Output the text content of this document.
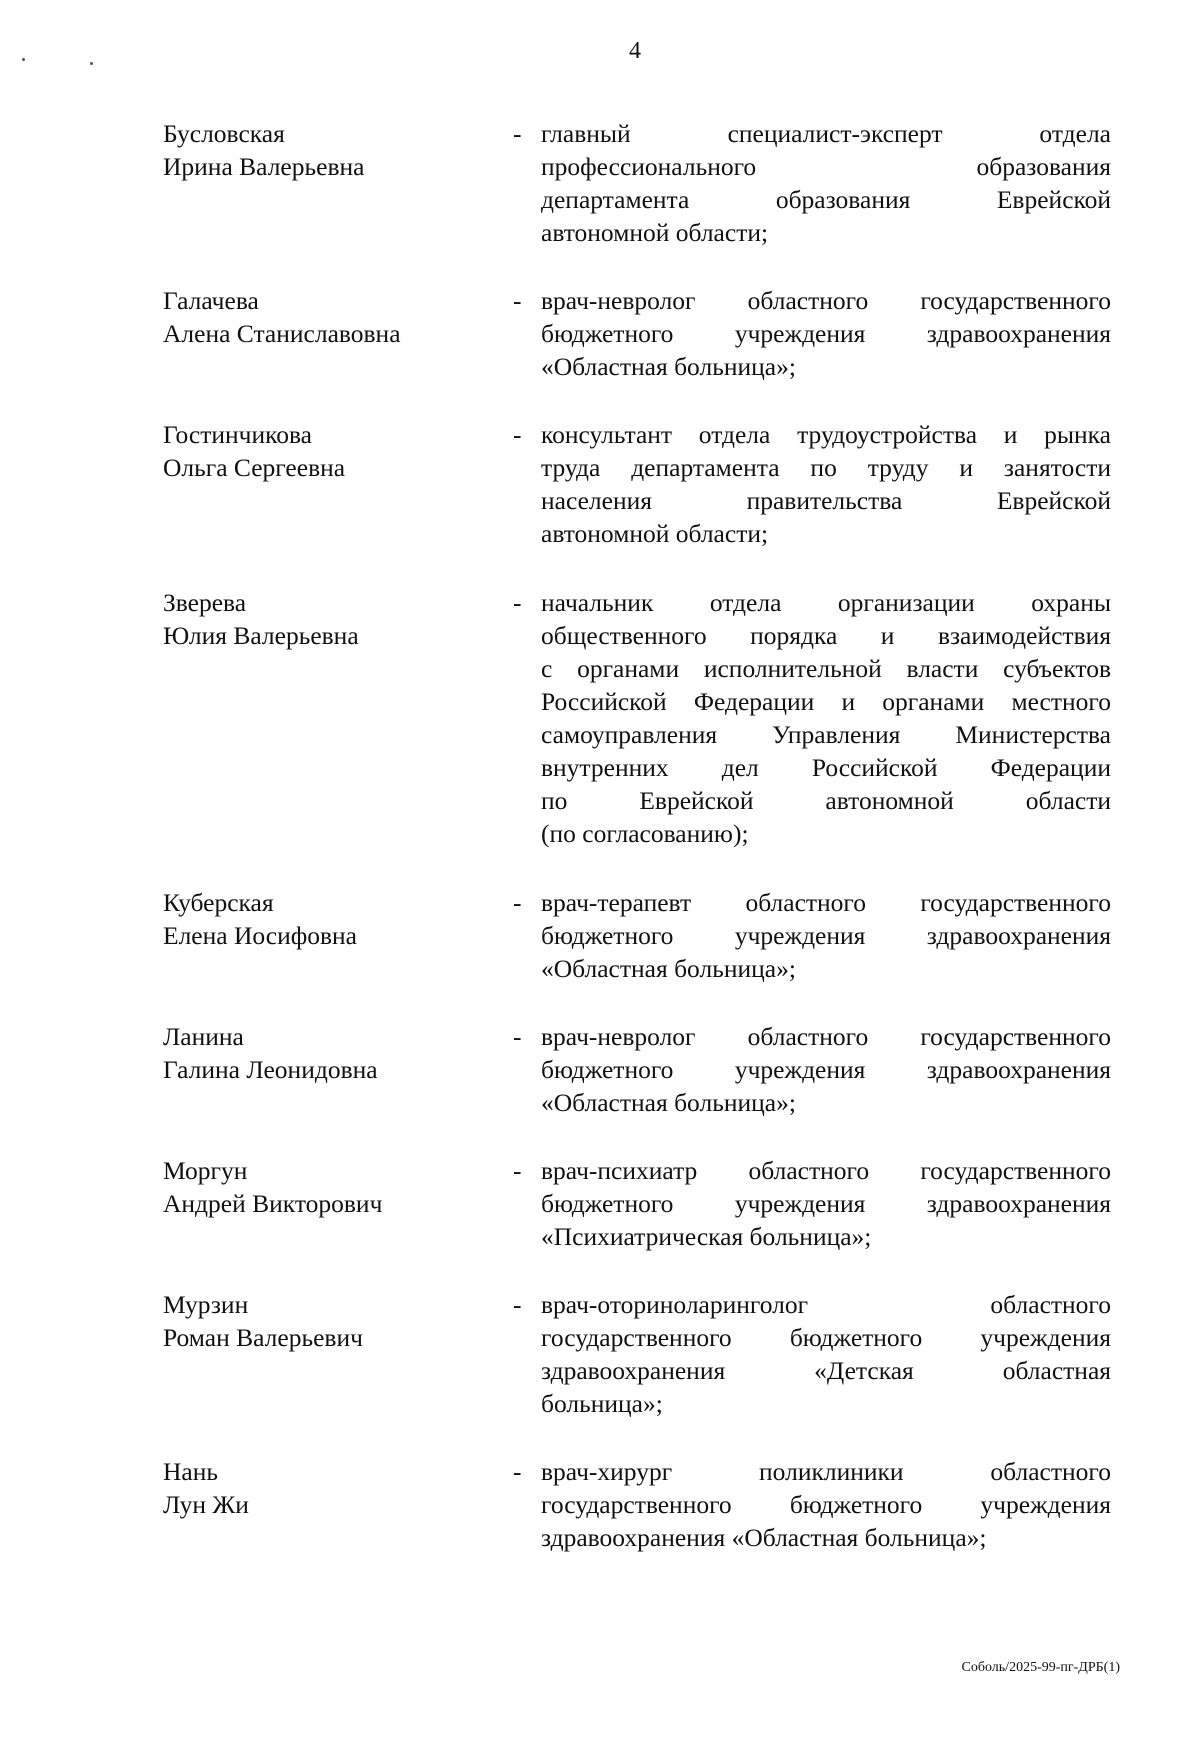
4
Бусловская
Ирина Валерьевна
- главный специалист-эксперт отдела
профессионального образования
департамента образования Еврейской
автономной области;
Галачева
Алена Станиславовна
- врач-невролог областного государственного
бюджетного учреждения здравоохранения
«Областная больница»;
Гостинчикова
Ольга Сергеевна
- консультант отдела трудоустройства и рынка
труда департамента по труду и занятости
населения правительства Еврейской
автономной области;
Зверева
Юлия Валерьевна
- начальник отдела организации охраны
общественного порядка и взаимодействия
с органами исполнительной власти субъектов
Российской Федерации и органами местного
самоуправления Управления Министерства
внутренних дел Российской Федерации
по Еврейской автономной области
(по согласованию);
Куберская
Елена Иосифовна
- врач-терапевт областного государственного
бюджетного учреждения здравоохранения
«Областная больница»;
Ланина
Галина Леонидовна
- врач-невролог областного государственного
бюджетного учреждения здравоохранения
«Областная больница»;
Моргун
Андрей Викторович
- врач-психиатр областного государственного
бюджетного учреждения здравоохранения
«Психиатрическая больница»;
Мурзин
Роман Валерьевич
- врач-оториноларинголог областного
государственного бюджетного учреждения
здравоохранения «Детская областная
больница»;
Нань
Лун Жи
- врач-хирург поликлиники областного
государственного бюджетного учреждения
здравоохранения «Областная больница»;
Соболь/2025-99-пг-ДРБ(1)
